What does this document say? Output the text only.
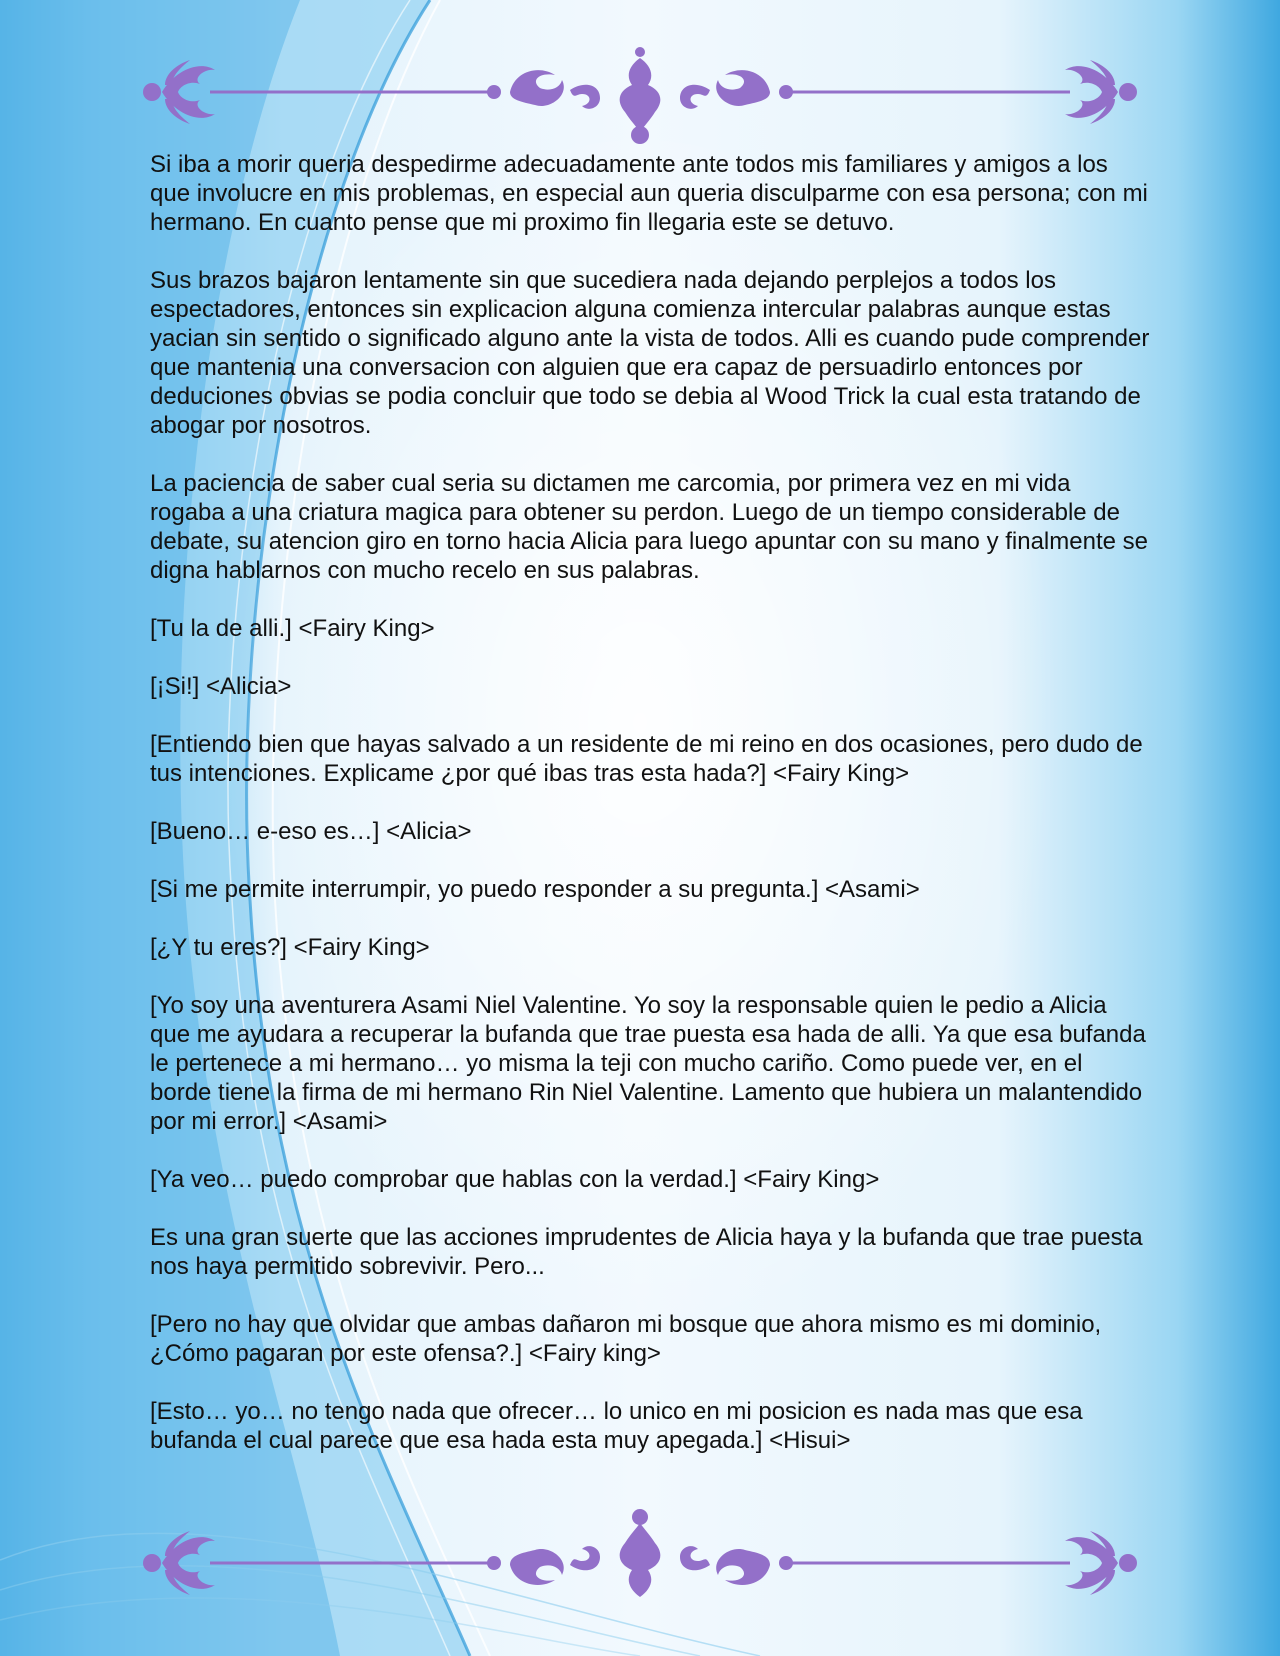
Si iba a morir queria despedirme adecuadamente ante todos mis familiares y amigos a los que involucre en mis problemas, en especial aun queria disculparme con esa persona; con mi hermano. En cuanto pense que mi proximo fin llegaria este se detuvo.

Sus brazos bajaron lentamente sin que sucediera nada dejando perplejos a todos los espectadores, entonces sin explicacion alguna comienza intercular palabras aunque estas yacian sin sentido o significado alguno ante la vista de todos. Alli es cuando pude comprender que mantenia una conversacion con alguien que era capaz de persuadirlo entonces por deduciones obvias se podia concluir que todo se debia al Wood Trick la cual esta tratando de abogar por nosotros.

La paciencia de saber cual seria su dictamen me carcomia, por primera vez en mi vida rogaba a una criatura magica para obtener su perdon. Luego de un tiempo considerable de debate, su atencion giro en torno hacia Alicia para luego apuntar con su mano y finalmente se digna hablarnos con mucho recelo en sus palabras.

[Tu la de alli.] <Fairy King>

[¡Si!] <Alicia>

[Entiendo bien que hayas salvado a un residente de mi reino en dos ocasiones, pero dudo de tus intenciones. Explicame ¿por qué ibas tras esta hada?] <Fairy King>

[Bueno… e-eso es…] <Alicia>

[Si me permite interrumpir, yo puedo responder a su pregunta.] <Asami>

[¿Y tu eres?] <Fairy King>

[Yo soy una aventurera Asami Niel Valentine. Yo soy la responsable quien le pedio a Alicia que me ayudara a recuperar la bufanda que trae puesta esa hada de alli. Ya que esa bufanda le pertenece a mi hermano… yo misma la teji con mucho cariño. Como puede ver, en el borde tiene la firma de mi hermano Rin Niel Valentine. Lamento que hubiera un malantendido por mi error.] <Asami>

[Ya veo… puedo comprobar que hablas con la verdad.] <Fairy King>

Es una gran suerte que las acciones imprudentes de Alicia haya y la bufanda que trae puesta nos haya permitido sobrevivir. Pero...

[Pero no hay que olvidar que ambas dañaron mi bosque que ahora mismo es mi dominio, ¿Cómo pagaran por este ofensa?.] <Fairy king>

[Esto… yo… no tengo nada que ofrecer… lo unico en mi posicion es nada mas que esa bufanda el cual parece que esa hada esta muy apegada.] <Hisui>
